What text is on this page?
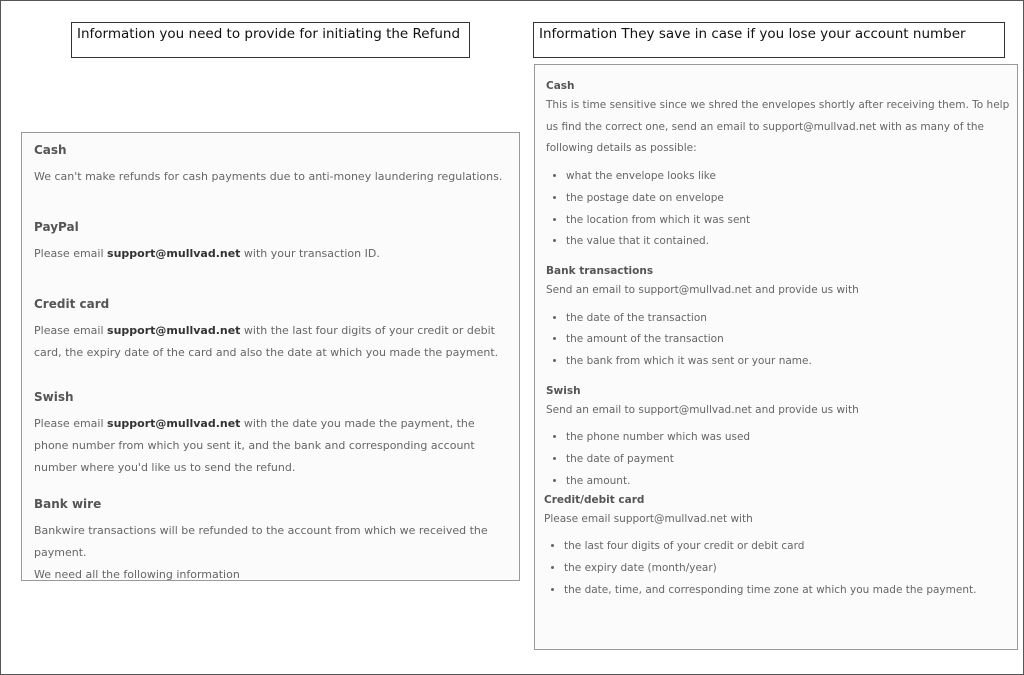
Information you need to provide for initiating the Refund	Information They save in case if you lose your account number
Cash

We can't make refunds for cash payments due to anti-money laundering regulations.

PayPal

Please email support@mullvad.net with your transaction ID.

Credit card

Please email support@mullvad.net with the last four digits of your credit or debit card, the expiry date of the card and also the date at which you made the payment.

Swish

Please email support@mullvad.net with the date you made the payment, the phone number from which you sent it, and the bank and corresponding account number where you'd like us to send the refund.

Bank wire

Bankwire transactions will be refunded to the account from which we received the payment.

We need all the following information

Cash

This is time sensitive since we shred the envelopes shortly after receiving them. To help us find the correct one, send an email to support@mullvad.net with as many of the following details as possible:

• what the envelope looks like
• the postage date on envelope
• the location from which it was sent
• the value that it contained.
Bank transactions

Send an email to support@mullvad.net and provide us with

• the date of the transaction
• the amount of the transaction
• the bank from which it was sent or your name.
Swish

Send an email to support@mullvad.net and provide us with

• the phone number which was used
• the date of payment
• the amount.
Credit/debit card

Please email support@mullvad.net with

• the last four digits of your credit or debit card
• the expiry date (month/year)
• the date, time, and corresponding time zone at which you made the payment.
